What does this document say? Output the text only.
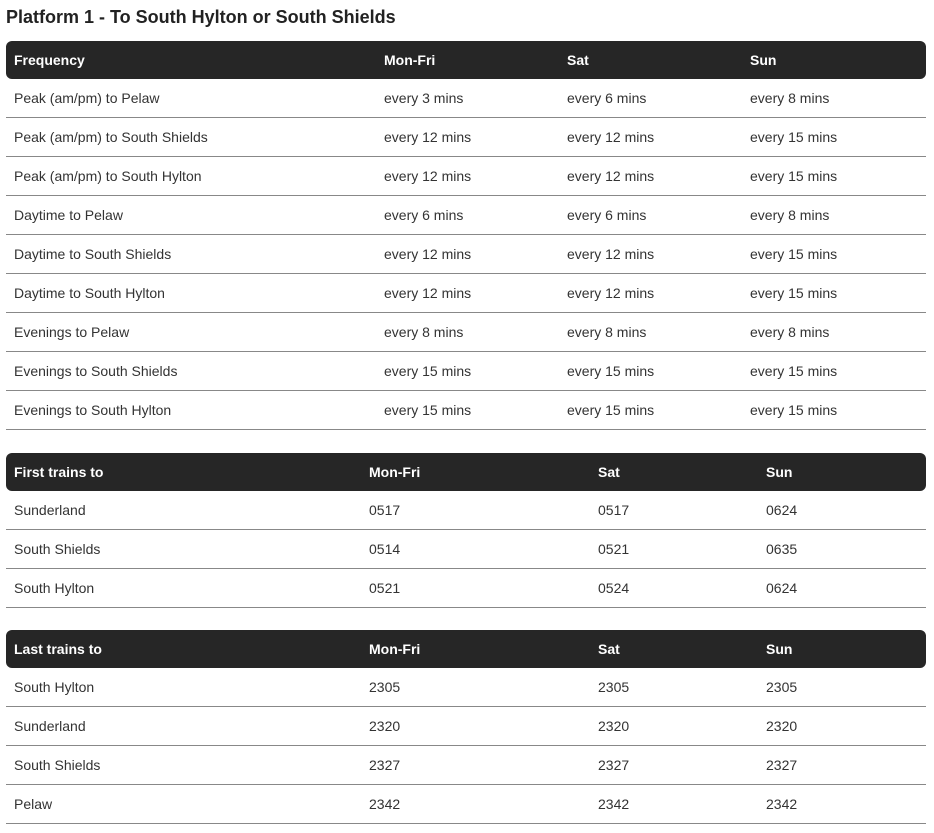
Platform 1 - To South Hylton or South Shields
Frequency	Mon-Fri	Sat	Sun
Peak (am/pm) to Pelaw	every 3 mins	every 6 mins	every 8 mins
Peak (am/pm) to South Shields	every 12 mins	every 12 mins	every 15 mins
Peak (am/pm) to South Hylton	every 12 mins	every 12 mins	every 15 mins
Daytime to Pelaw	every 6 mins	every 6 mins	every 8 mins
Daytime to South Shields	every 12 mins	every 12 mins	every 15 mins
Daytime to South Hylton	every 12 mins	every 12 mins	every 15 mins
Evenings to Pelaw	every 8 mins	every 8 mins	every 8 mins
Evenings to South Shields	every 15 mins	every 15 mins	every 15 mins
Evenings to South Hylton	every 15 mins	every 15 mins	every 15 mins
First trains to	Mon-Fri	Sat	Sun
Sunderland	0517	0517	0624
South Shields	0514	0521	0635
South Hylton	0521	0524	0624
Last trains to	Mon-Fri	Sat	Sun
South Hylton	2305	2305	2305
Sunderland	2320	2320	2320
South Shields	2327	2327	2327
Pelaw	2342	2342	2342
